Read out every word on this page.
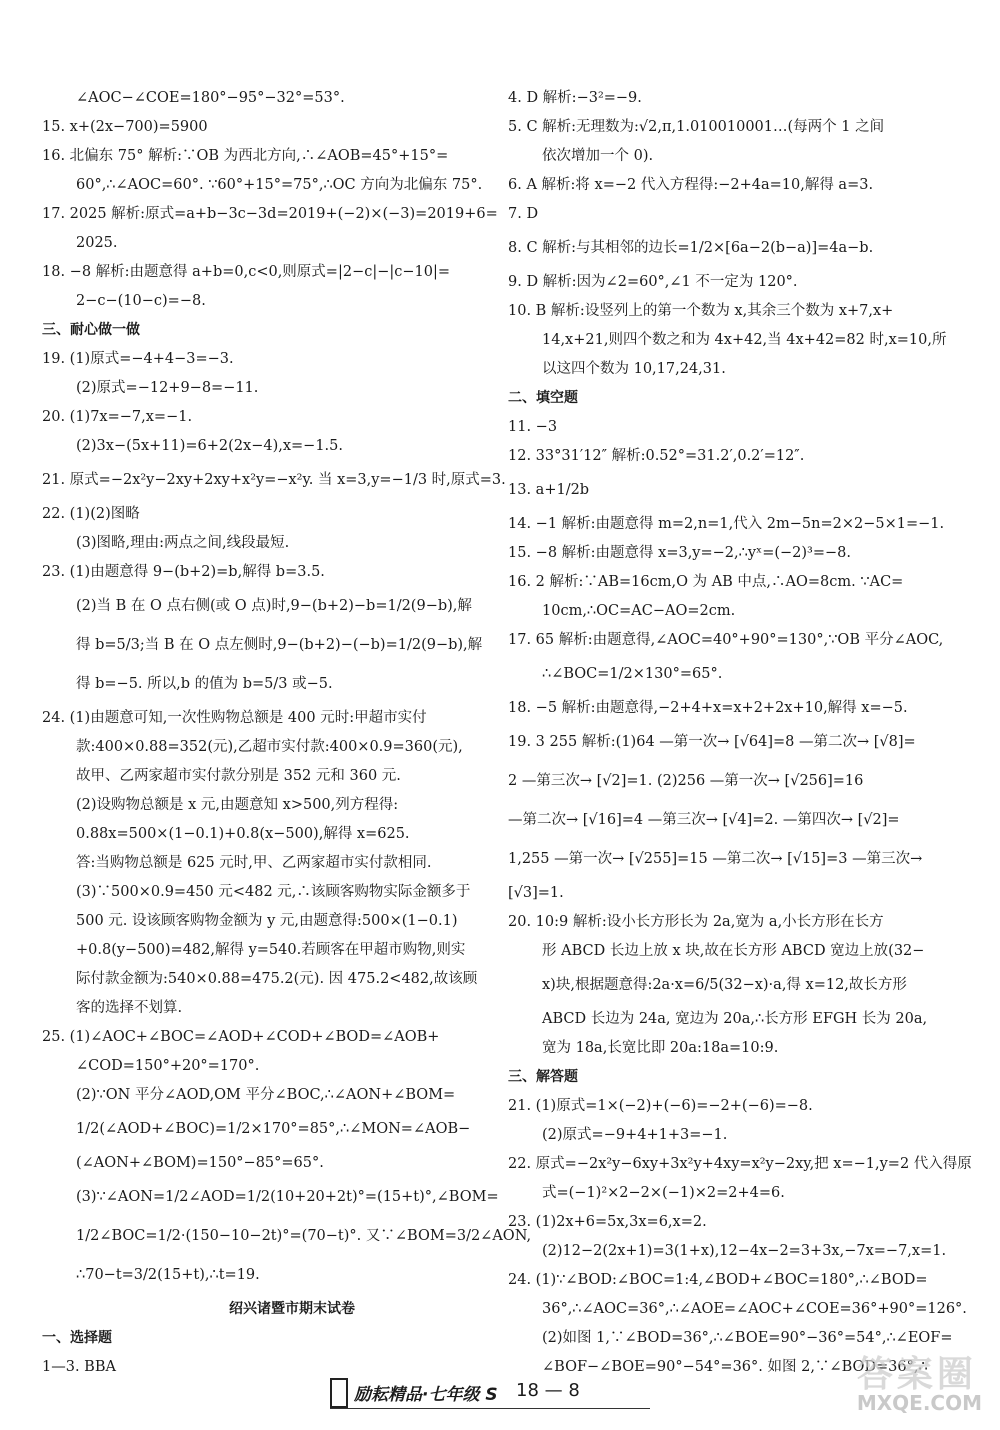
∠AOC−∠COE=180°−95°−32°=53°.
15. x+(2x−700)=5900
16. 北偏东 75° 解析:∵OB 为西北方向,∴∠AOB=45°+15°=
60°,∴∠AOC=60°. ∵60°+15°=75°,∴OC 方向为北偏东 75°.
17. 2025 解析:原式=a+b−3c−3d=2019+(−2)×(−3)=2019+6=
2025.
18. −8 解析:由题意得 a+b=0,c<0,则原式=|2−c|−|c−10|=
2−c−(10−c)=−8.
三、耐心做一做
19. (1)原式=−4+4−3=−3.
(2)原式=−12+9−8=−11.
20. (1)7x=−7,x=−1.
(2)3x−(5x+11)=6+2(2x−4),x=−1.5.
21. 原式=−2x²y−2xy+2xy+x²y=−x²y. 当 x=3,y=−1/3 时,原式=3.
22. (1)(2)图略
(3)图略,理由:两点之间,线段最短.
23. (1)由题意得 9−(b+2)=b,解得 b=3.5.
(2)当 B 在 O 点右侧(或 O 点)时,9−(b+2)−b=1/2(9−b),解
得 b=5/3;当 B 在 O 点左侧时,9−(b+2)−(−b)=1/2(9−b),解
得 b=−5. 所以,b 的值为 b=5/3 或−5.
24. (1)由题意可知,一次性购物总额是 400 元时:甲超市实付
款:400×0.88=352(元),乙超市实付款:400×0.9=360(元),
故甲、乙两家超市实付款分别是 352 元和 360 元.
(2)设购物总额是 x 元,由题意知 x>500,列方程得:
0.88x=500×(1−0.1)+0.8(x−500),解得 x=625.
答:当购物总额是 625 元时,甲、乙两家超市实付款相同.
(3)∵500×0.9=450 元<482 元,∴该顾客购物实际金额多于
500 元. 设该顾客购物金额为 y 元,由题意得:500×(1−0.1)
+0.8(y−500)=482,解得 y=540.若顾客在甲超市购物,则实
际付款金额为:540×0.88=475.2(元). 因 475.2<482,故该顾
客的选择不划算.
25. (1)∠AOC+∠BOC=∠AOD+∠COD+∠BOD=∠AOB+
∠COD=150°+20°=170°.
(2)∵ON 平分∠AOD,OM 平分∠BOC,∴∠AON+∠BOM=
1/2(∠AOD+∠BOC)=1/2×170°=85°,∴∠MON=∠AOB−
(∠AON+∠BOM)=150°−85°=65°.
(3)∵∠AON=1/2∠AOD=1/2(10+20+2t)°=(15+t)°,∠BOM=
1/2∠BOC=1/2·(150−10−2t)°=(70−t)°. 又∵∠BOM=3/2∠AON,
∴70−t=3/2(15+t),∴t=19.
绍兴诸暨市期末试卷
一、选择题
1—3. BBA
4. D 解析:−3²=−9.
5. C 解析:无理数为:√2,π,1.010010001…(每两个 1 之间
依次增加一个 0).
6. A 解析:将 x=−2 代入方程得:−2+4a=10,解得 a=3.
7. D
8. C 解析:与其相邻的边长=1/2×[6a−2(b−a)]=4a−b.
9. D 解析:因为∠2=60°,∠1 不一定为 120°.
10. B 解析:设竖列上的第一个数为 x,其余三个数为 x+7,x+
14,x+21,则四个数之和为 4x+42,当 4x+42=82 时,x=10,所
以这四个数为 10,17,24,31.
二、填空题
11. −3
12. 33°31′12″ 解析:0.52°=31.2′,0.2′=12″.
13. a+1/2b
14. −1 解析:由题意得 m=2,n=1,代入 2m−5n=2×2−5×1=−1.
15. −8 解析:由题意得 x=3,y=−2,∴yˣ=(−2)³=−8.
16. 2 解析:∵AB=16cm,O 为 AB 中点,∴AO=8cm. ∵AC=
10cm,∴OC=AC−AO=2cm.
17. 65 解析:由题意得,∠AOC=40°+90°=130°,∵OB 平分∠AOC,
∴∠BOC=1/2×130°=65°.
18. −5 解析:由题意得,−2+4+x=x+2+2x+10,解得 x=−5.
19. 3 255 解析:(1)64 —第一次→ [√64]=8 —第二次→ [√8]=
2 —第三次→ [√2]=1. (2)256 —第一次→ [√256]=16
—第二次→ [√16]=4 —第三次→ [√4]=2. —第四次→ [√2]=
1,255 —第一次→ [√255]=15 —第二次→ [√15]=3 —第三次→
[√3]=1.
20. 10:9 解析:设小长方形长为 2a,宽为 a,小长方形在长方
形 ABCD 长边上放 x 块,故在长方形 ABCD 宽边上放(32−
x)块,根据题意得:2a·x=6/5(32−x)·a,得 x=12,故长方形
ABCD 长边为 24a, 宽边为 20a,∴长方形 EFGH 长为 20a,
宽为 18a,长宽比即 20a:18a=10:9.
三、解答题
21. (1)原式=1×(−2)+(−6)=−2+(−6)=−8.
(2)原式=−9+4+1+3=−1.
22. 原式=−2x²y−6xy+3x²y+4xy=x²y−2xy,把 x=−1,y=2 代入得原
式=(−1)²×2−2×(−1)×2=2+4=6.
23. (1)2x+6=5x,3x=6,x=2.
(2)12−2(2x+1)=3(1+x),12−4x−2=3+3x,−7x=−7,x=1.
24. (1)∵∠BOD:∠BOC=1:4,∠BOD+∠BOC=180°,∴∠BOD=
36°,∴∠AOC=36°,∴∠AOE=∠AOC+∠COE=36°+90°=126°.
(2)如图 1,∵∠BOD=36°,∴∠BOE=90°−36°=54°,∴∠EOF=
∠BOF−∠BOE=90°−54°=36°. 如图 2,∵∠BOD=36°,∴
励耘精品·七年级 S 18 — 8	答案圈
MXQE.COM
